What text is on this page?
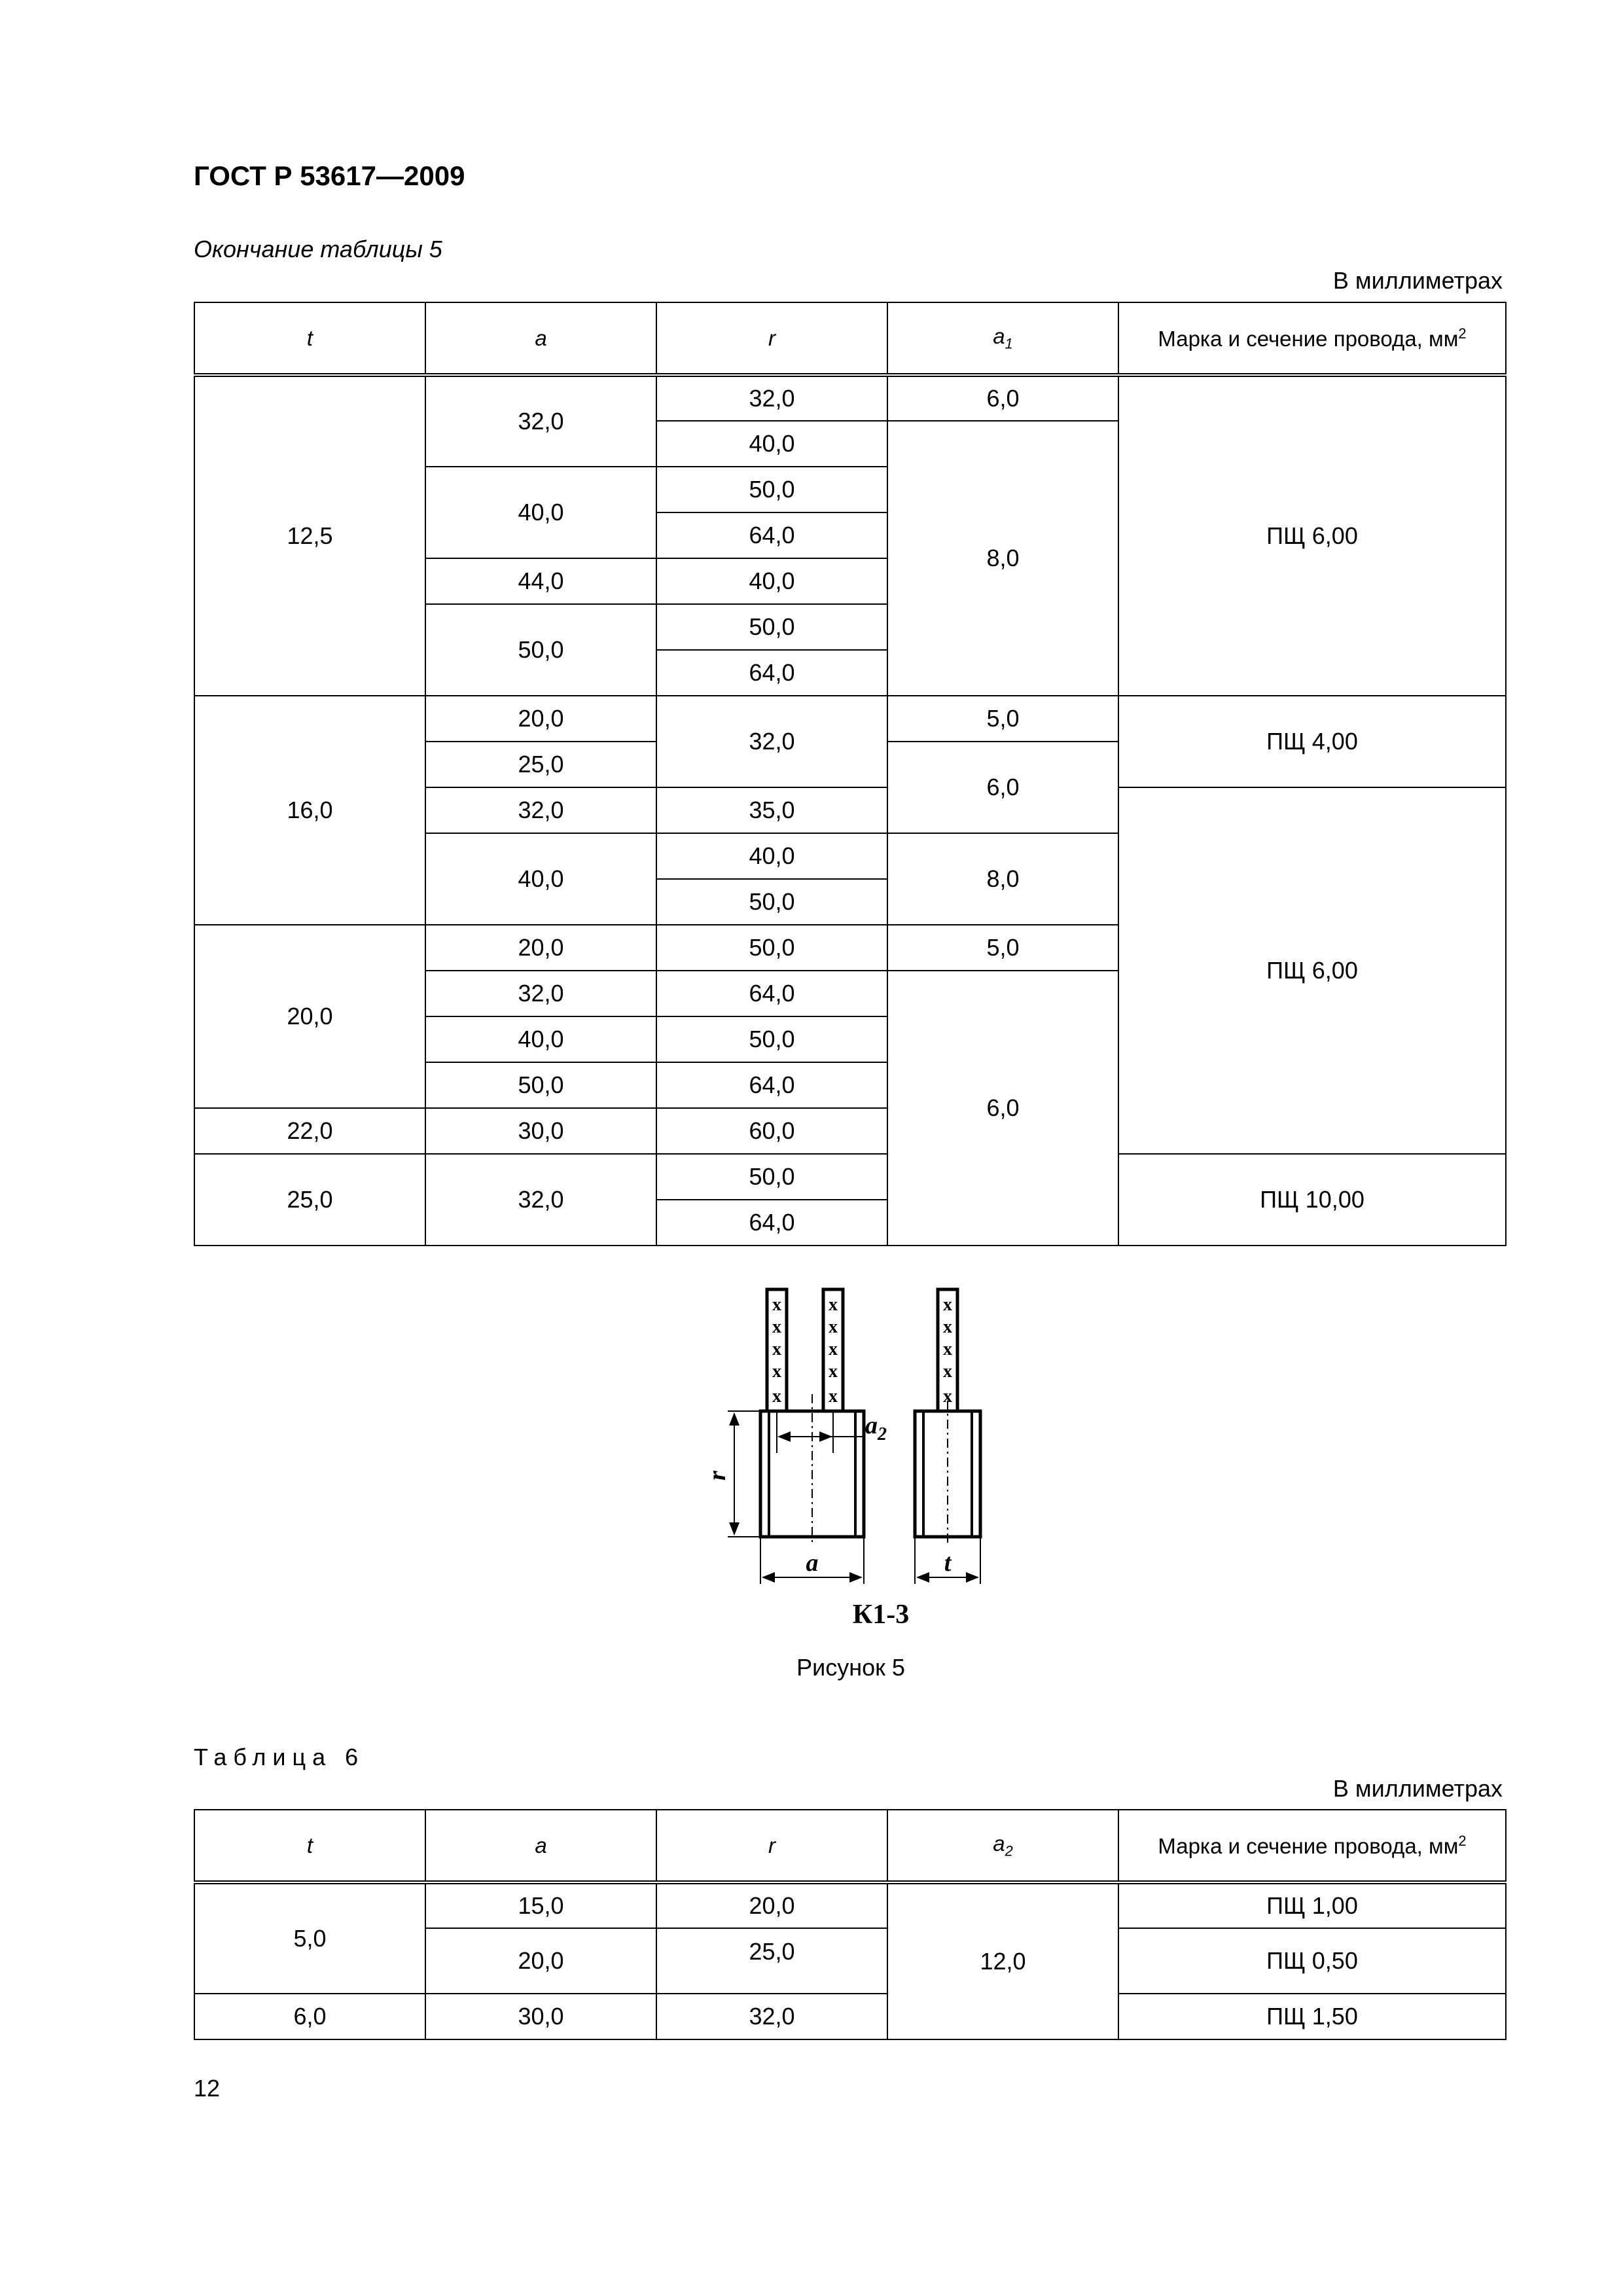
ГОСТ Р 53617—2009
Окончание таблицы 5
В миллиметрах
t	a	r	$a_1$	Марка и сечение провода, $мм^2$
12,5	32,0	32,0	6,0	ПЩ 6,00
		40,0	8,0	
	40,0	50,0		
		64,0		
	44,0	40,0		
	50,0	50,0		
		64,0		
16,0	20,0	32,0	5,0	ПЩ 4,00
	25,0		6,0	
	32,0	35,0		ПЩ 6,00
	40,0	40,0	8,0	
		50,0		
20,0	20,0	50,0	5,0	
	32,0	64,0	6,0	
	40,0	50,0		
	50,0	64,0		
22,0	30,0	60,0		
25,0	32,0	50,0		ПЩ 10,00
		64,0		
x
x
x
x
x
x
x
x
x
x
$a_2$
r
a
x
x
x
x
x
t
К1-3
Рисунок 5
Таблица 6
В миллиметрах
t	a	r	$a_2$	Марка и сечение провода, $мм^2$
5,0	15,0	20,0	12,0	ПЩ 1,00
	20,0	25,0		ПЩ 0,50
6,0	30,0	32,0		ПЩ 1,50
12
